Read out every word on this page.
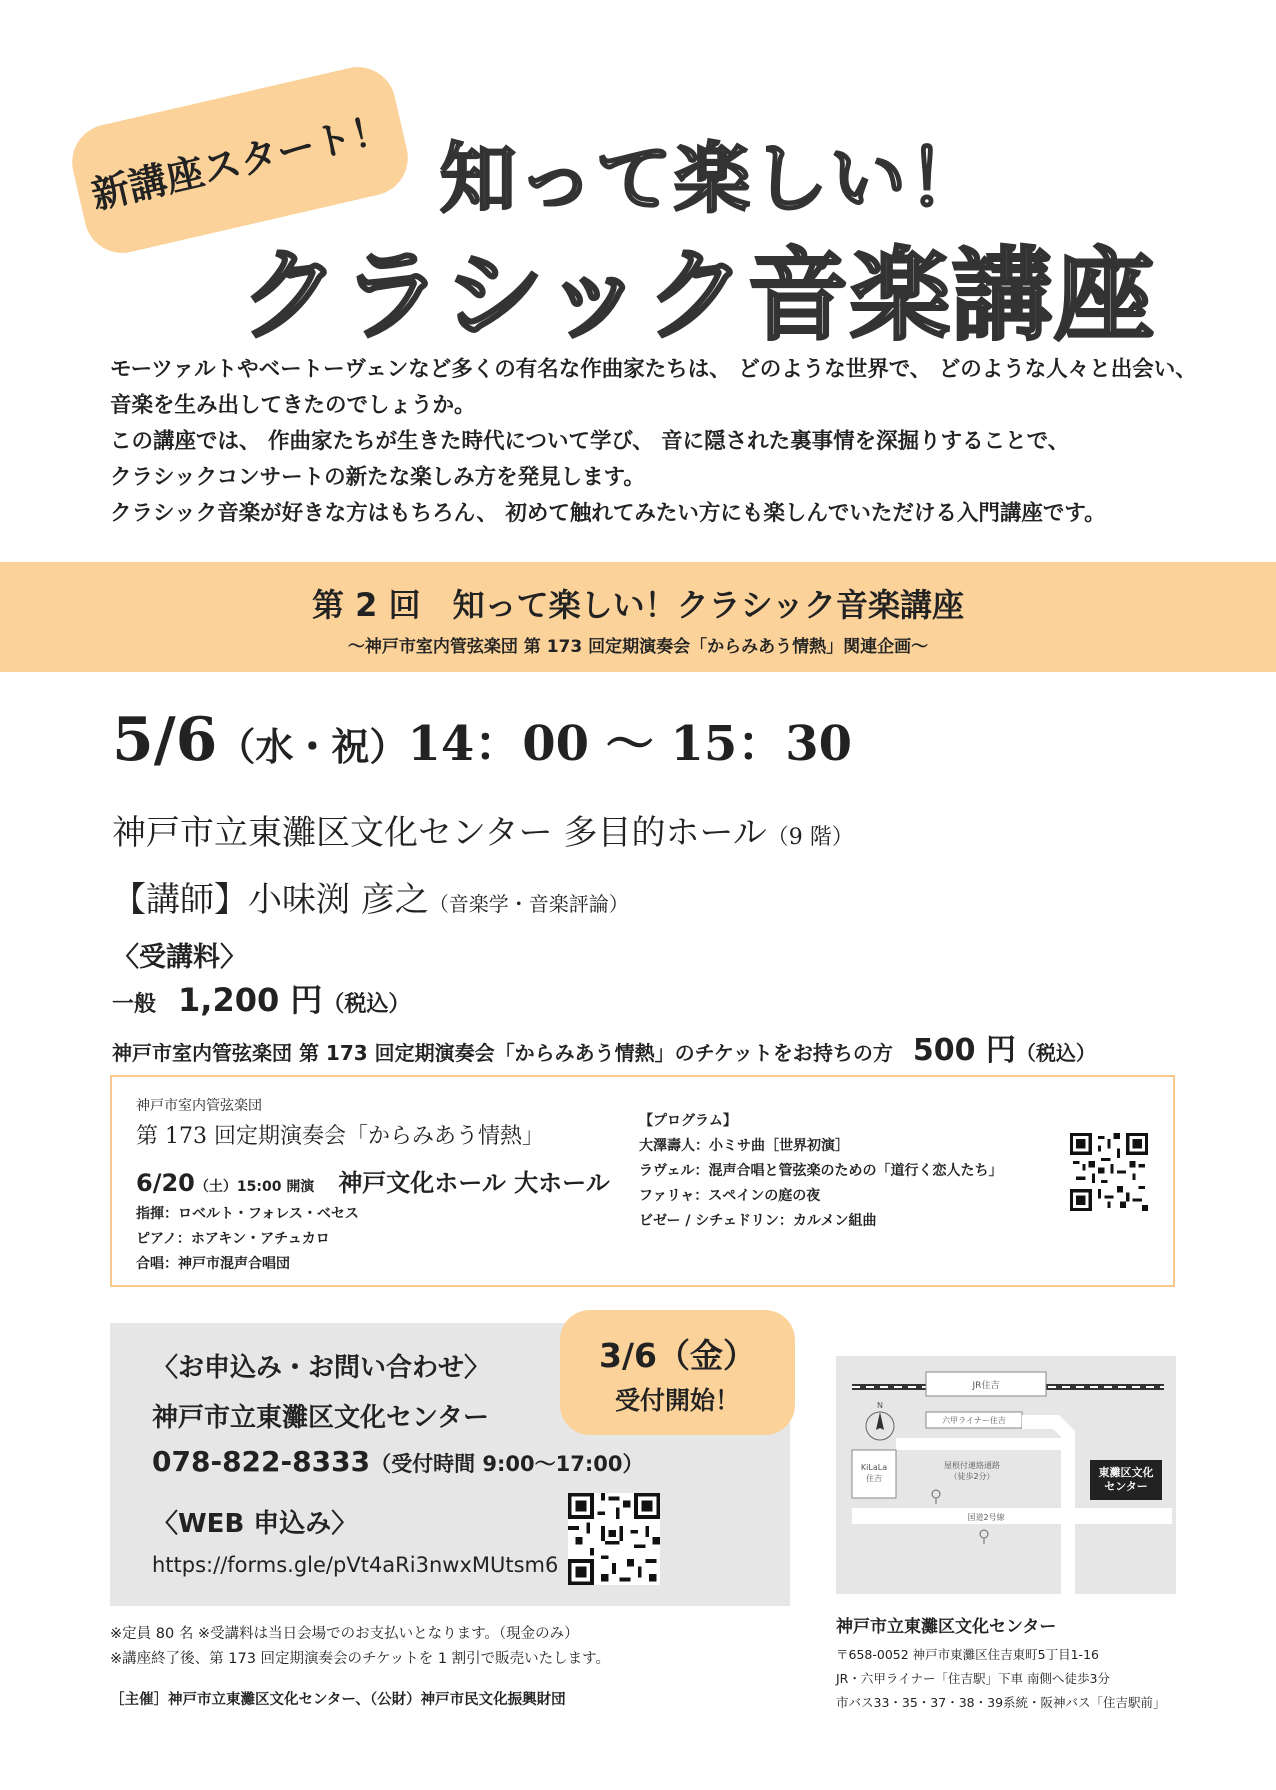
新講座スタート！ 知って楽しい！
クラシック音楽講座

モーツァルトやベートーヴェンなど多くの有名な作曲家たちは、 どのような世界で、 どのような人々と出会い、

音楽を生み出してきたのでしょうか。

この講座では、 作曲家たちが生きた時代について学び、 音に隠された裏事情を深掘りすることで、

クラシックコンサートの新たな楽しみ方を発見します。

クラシック音楽が好きな方はもちろん、 初めて触れてみたい方にも楽しんでいただける入門講座です。

第 2 回　知って楽しい！クラシック音楽講座
～神戸市室内管弦楽団 第 173 回定期演奏会「からみあう情熱」関連企画～
5/6（水・祝）14：00 ～ 15：30
神戸市立東灘区文化センター 多目的ホール（9 階）
【講師】小味渕 彦之（音楽学・音楽評論）
〈受講料〉
一般　1,200 円（税込）
神戸市室内管弦楽団 第 173 回定期演奏会「からみあう情熱」のチケットをお持ちの方　500 円（税込）
神戸市室内管弦楽団
第 173 回定期演奏会「からみあう情熱」
6/20（土）15:00 開演　 神戸文化ホール 大ホール

指揮：ロベルト・フォレス・ベセス

ピアノ：ホアキン・アチュカロ

合唱：神戸市混声合唱団

【プログラム】

大澤壽人：小ミサ曲［世界初演］

ラヴェル：混声合唱と管弦楽のための「道行く恋人たち」

ファリャ：スペインの庭の夜

ビゼー / シチェドリン：カルメン組曲

〈お申込み・お問い合わせ〉
神戸市立東灘区文化センター
078-822-8333（受付時間 9:00～17:00）
〈WEB 申込み〉
https://forms.gle/pVt4aRi3nwxMUtsm6
3/6（金）
受付開始！

※定員 80 名 ※受講料は当日会場でのお支払いとなります。（現金のみ）

※講座終了後、第 173 回定期演奏会のチケットを 1 割引で販売いたします。

［主催］神戸市立東灘区文化センター、（公財）神戸市民文化振興財団
JR住吉
六甲ライナー住吉
KiLaLa 住吉
屋根付連絡通路（徒歩2分）
国道2号線
東灘区文化センター
N
神戸市立東灘区文化センター

〒658-0052 神戸市東灘区住吉東町5丁目1-16

JR・六甲ライナー「住吉駅」下車 南側へ徒歩3分

市バス33・35・37・38・39系統・阪神バス「住吉駅前」
